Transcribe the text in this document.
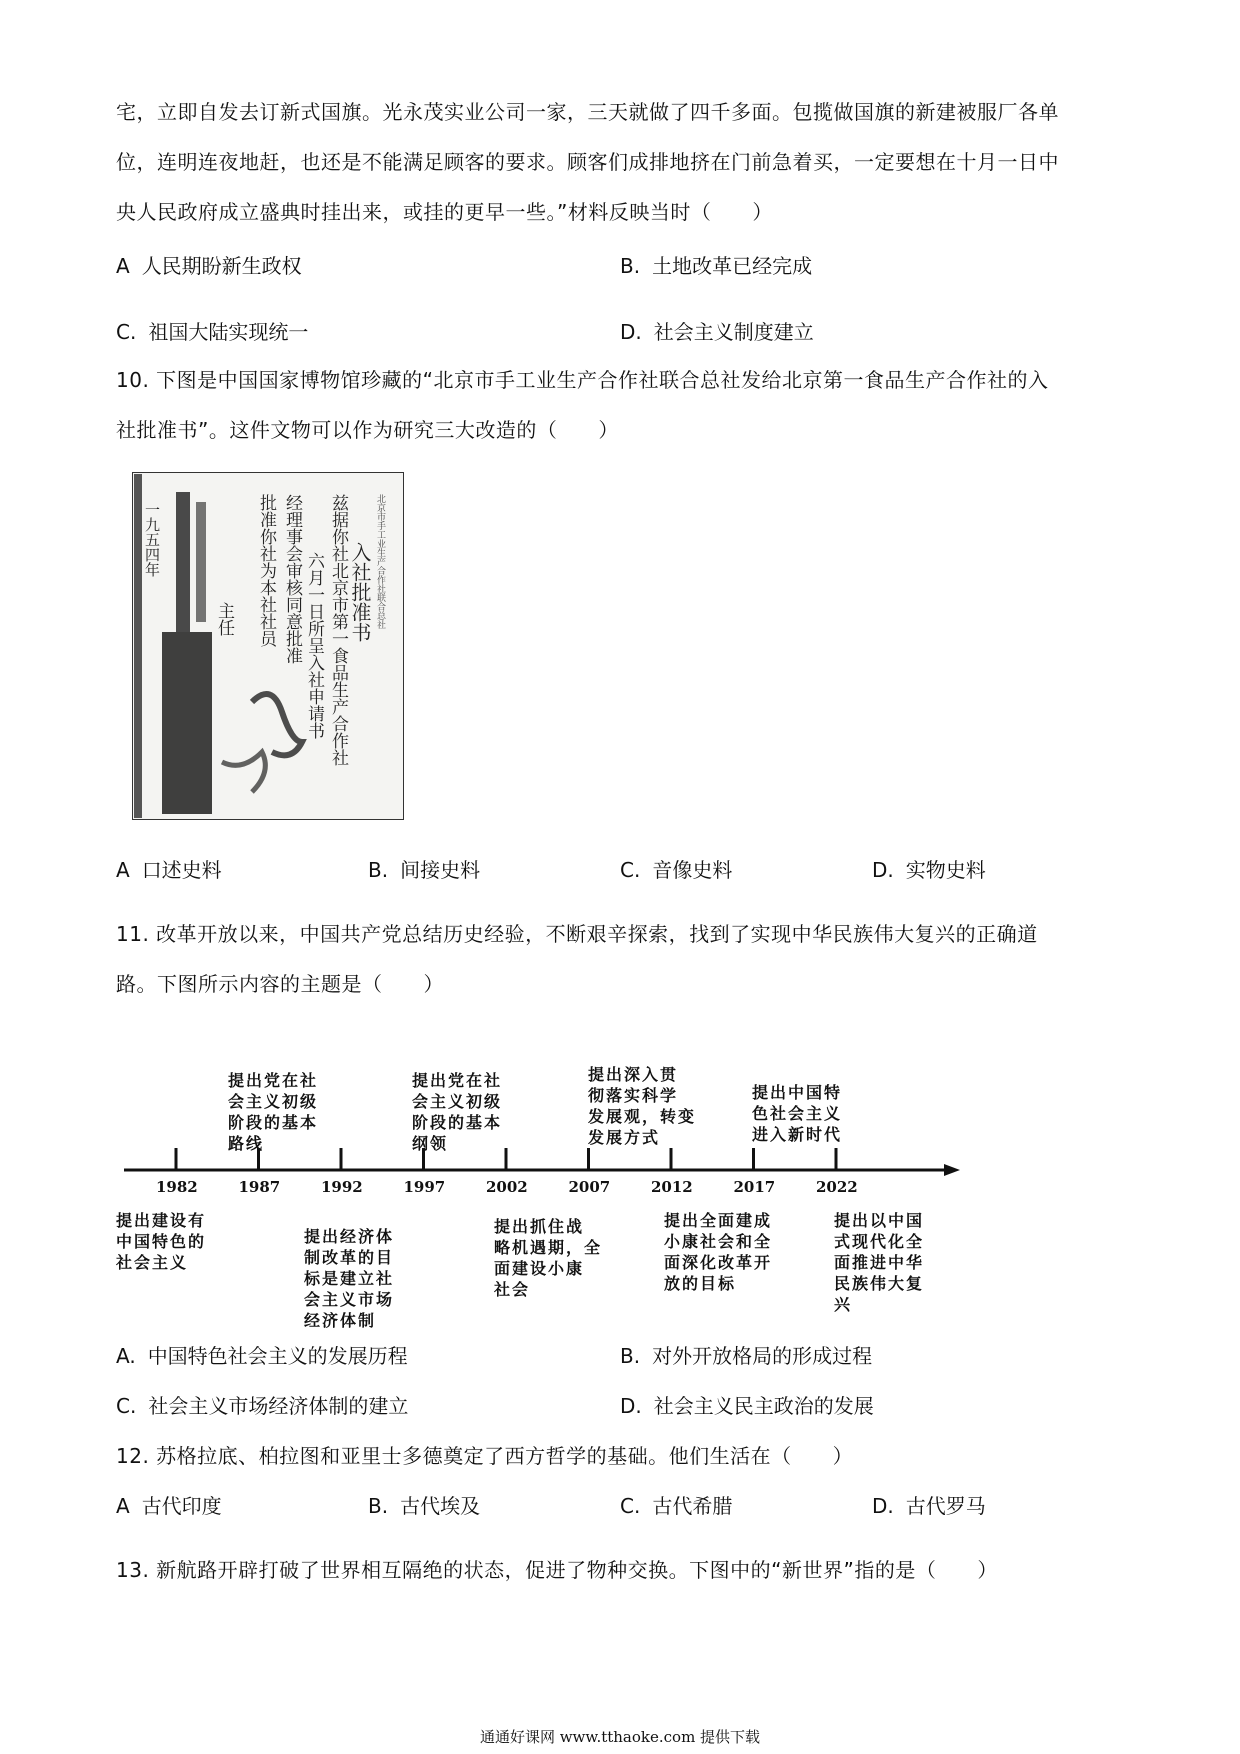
宅，立即自发去订新式国旗。光永茂实业公司一家，三天就做了四千多面。包揽做国旗的新建被服厂各单
位，连明连夜地赶，也还是不能满足顾客的要求。顾客们成排地挤在门前急着买，一定要想在十月一日中
央人民政府成立盛典时挂出来，或挂的更早一些。”材料反映当时（　　）
A 人民期盼新生政权	B. 土地改革已经完成
C. 祖国大陆实现统一	D. 社会主义制度建立
10. 下图是中国国家博物馆珍藏的“北京市手工业生产合作社联合总社发给北京第一食品生产合作社的入
社批准书”。这件文物可以作为研究三大改造的（　　）
北京市手工业生产合作社联合总社
入社批准书
兹据你社北京市第一食品生产合作社
六月一日所呈入社申请书
经理事会审核同意批准
批准你社为本社社员
主任
一九五四年
A 口述史料	B. 间接史料	C. 音像史料	D. 实物史料
11. 改革开放以来，中国共产党总结历史经验，不断艰辛探索，找到了实现中华民族伟大复兴的正确道
路。下图所示内容的主题是（　　）
提出党在社
会主义初级
阶段的基本
路线
提出党在社
会主义初级
阶段的基本
纲领
提出深入贯
彻落实科学
发展观，转变
发展方式
提出中国特
色社会主义
进入新时代
提出建设有
中国特色的
社会主义
提出经济体
制改革的目
标是建立社
会主义市场
经济体制
提出抓住战
略机遇期，全
面建设小康
社会
提出全面建成
小康社会和全
面深化改革开
放的目标
提出以中国
式现代化全
面推进中华
民族伟大复
兴
1982	1987	1992	1997	2002	2007	2012	2017	2022
A. 中国特色社会主义的发展历程	B. 对外开放格局的形成过程
C. 社会主义市场经济体制的建立	D. 社会主义民主政治的发展
12. 苏格拉底、柏拉图和亚里士多德奠定了西方哲学的基础。他们生活在（　　）
A 古代印度	B. 古代埃及	C. 古代希腊	D. 古代罗马
13. 新航路开辟打破了世界相互隔绝的状态，促进了物种交换。下图中的“新世界”指的是（　　）
通通好课网 www.tthaoke.com 提供下载
